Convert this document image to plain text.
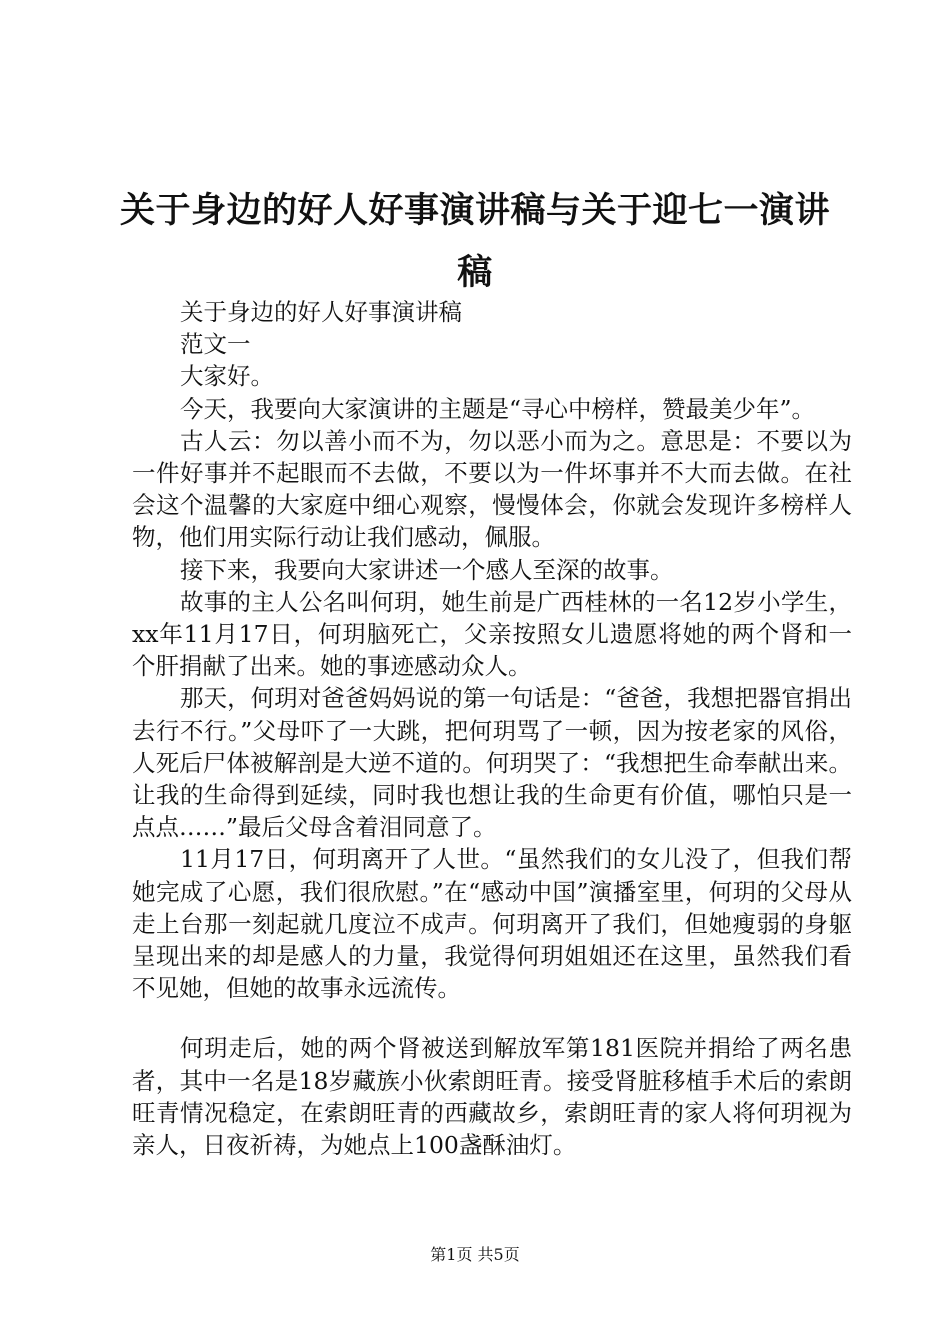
关于身边的好人好事演讲稿与关于迎七一演讲稿

关于身边的好人好事演讲稿

范文一

大家好。

今天，我要向大家演讲的主题是“寻心中榜样，赞最美少年”。

古人云：勿以善小而不为，勿以恶小而为之。意思是：不要以为一件好事并不起眼而不去做，不要以为一件坏事并不大而去做。在社会这个温馨的大家庭中细心观察，慢慢体会，你就会发现许多榜样人物，他们用实际行动让我们感动，佩服。

接下来，我要向大家讲述一个感人至深的故事。

故事的主人公名叫何玥，她生前是广西桂林的一名12岁小学生，xx年11月17日，何玥脑死亡，父亲按照女儿遗愿将她的两个肾和一个肝捐献了出来。她的事迹感动众人。

那天，何玥对爸爸妈妈说的第一句话是：“爸爸，我想把器官捐出去行不行。”父母吓了一大跳，把何玥骂了一顿，因为按老家的风俗，人死后尸体被解剖是大逆不道的。何玥哭了：“我想把生命奉献出来。让我的生命得到延续，同时我也想让我的生命更有价值，哪怕只是一点点……”最后父母含着泪同意了。

11月17日，何玥离开了人世。“虽然我们的女儿没了，但我们帮她完成了心愿，我们很欣慰。”在“感动中国”演播室里，何玥的父母从走上台那一刻起就几度泣不成声。何玥离开了我们，但她瘦弱的身躯呈现出来的却是感人的力量，我觉得何玥姐姐还在这里，虽然我们看不见她，但她的故事永远流传。

何玥走后，她的两个肾被送到解放军第181医院并捐给了两名患者，其中一名是18岁藏族小伙索朗旺青。接受肾脏移植手术后的索朗旺青情况稳定，在索朗旺青的西藏故乡，索朗旺青的家人将何玥视为亲人，日夜祈祷，为她点上100盏酥油灯。

第1页 共5页
